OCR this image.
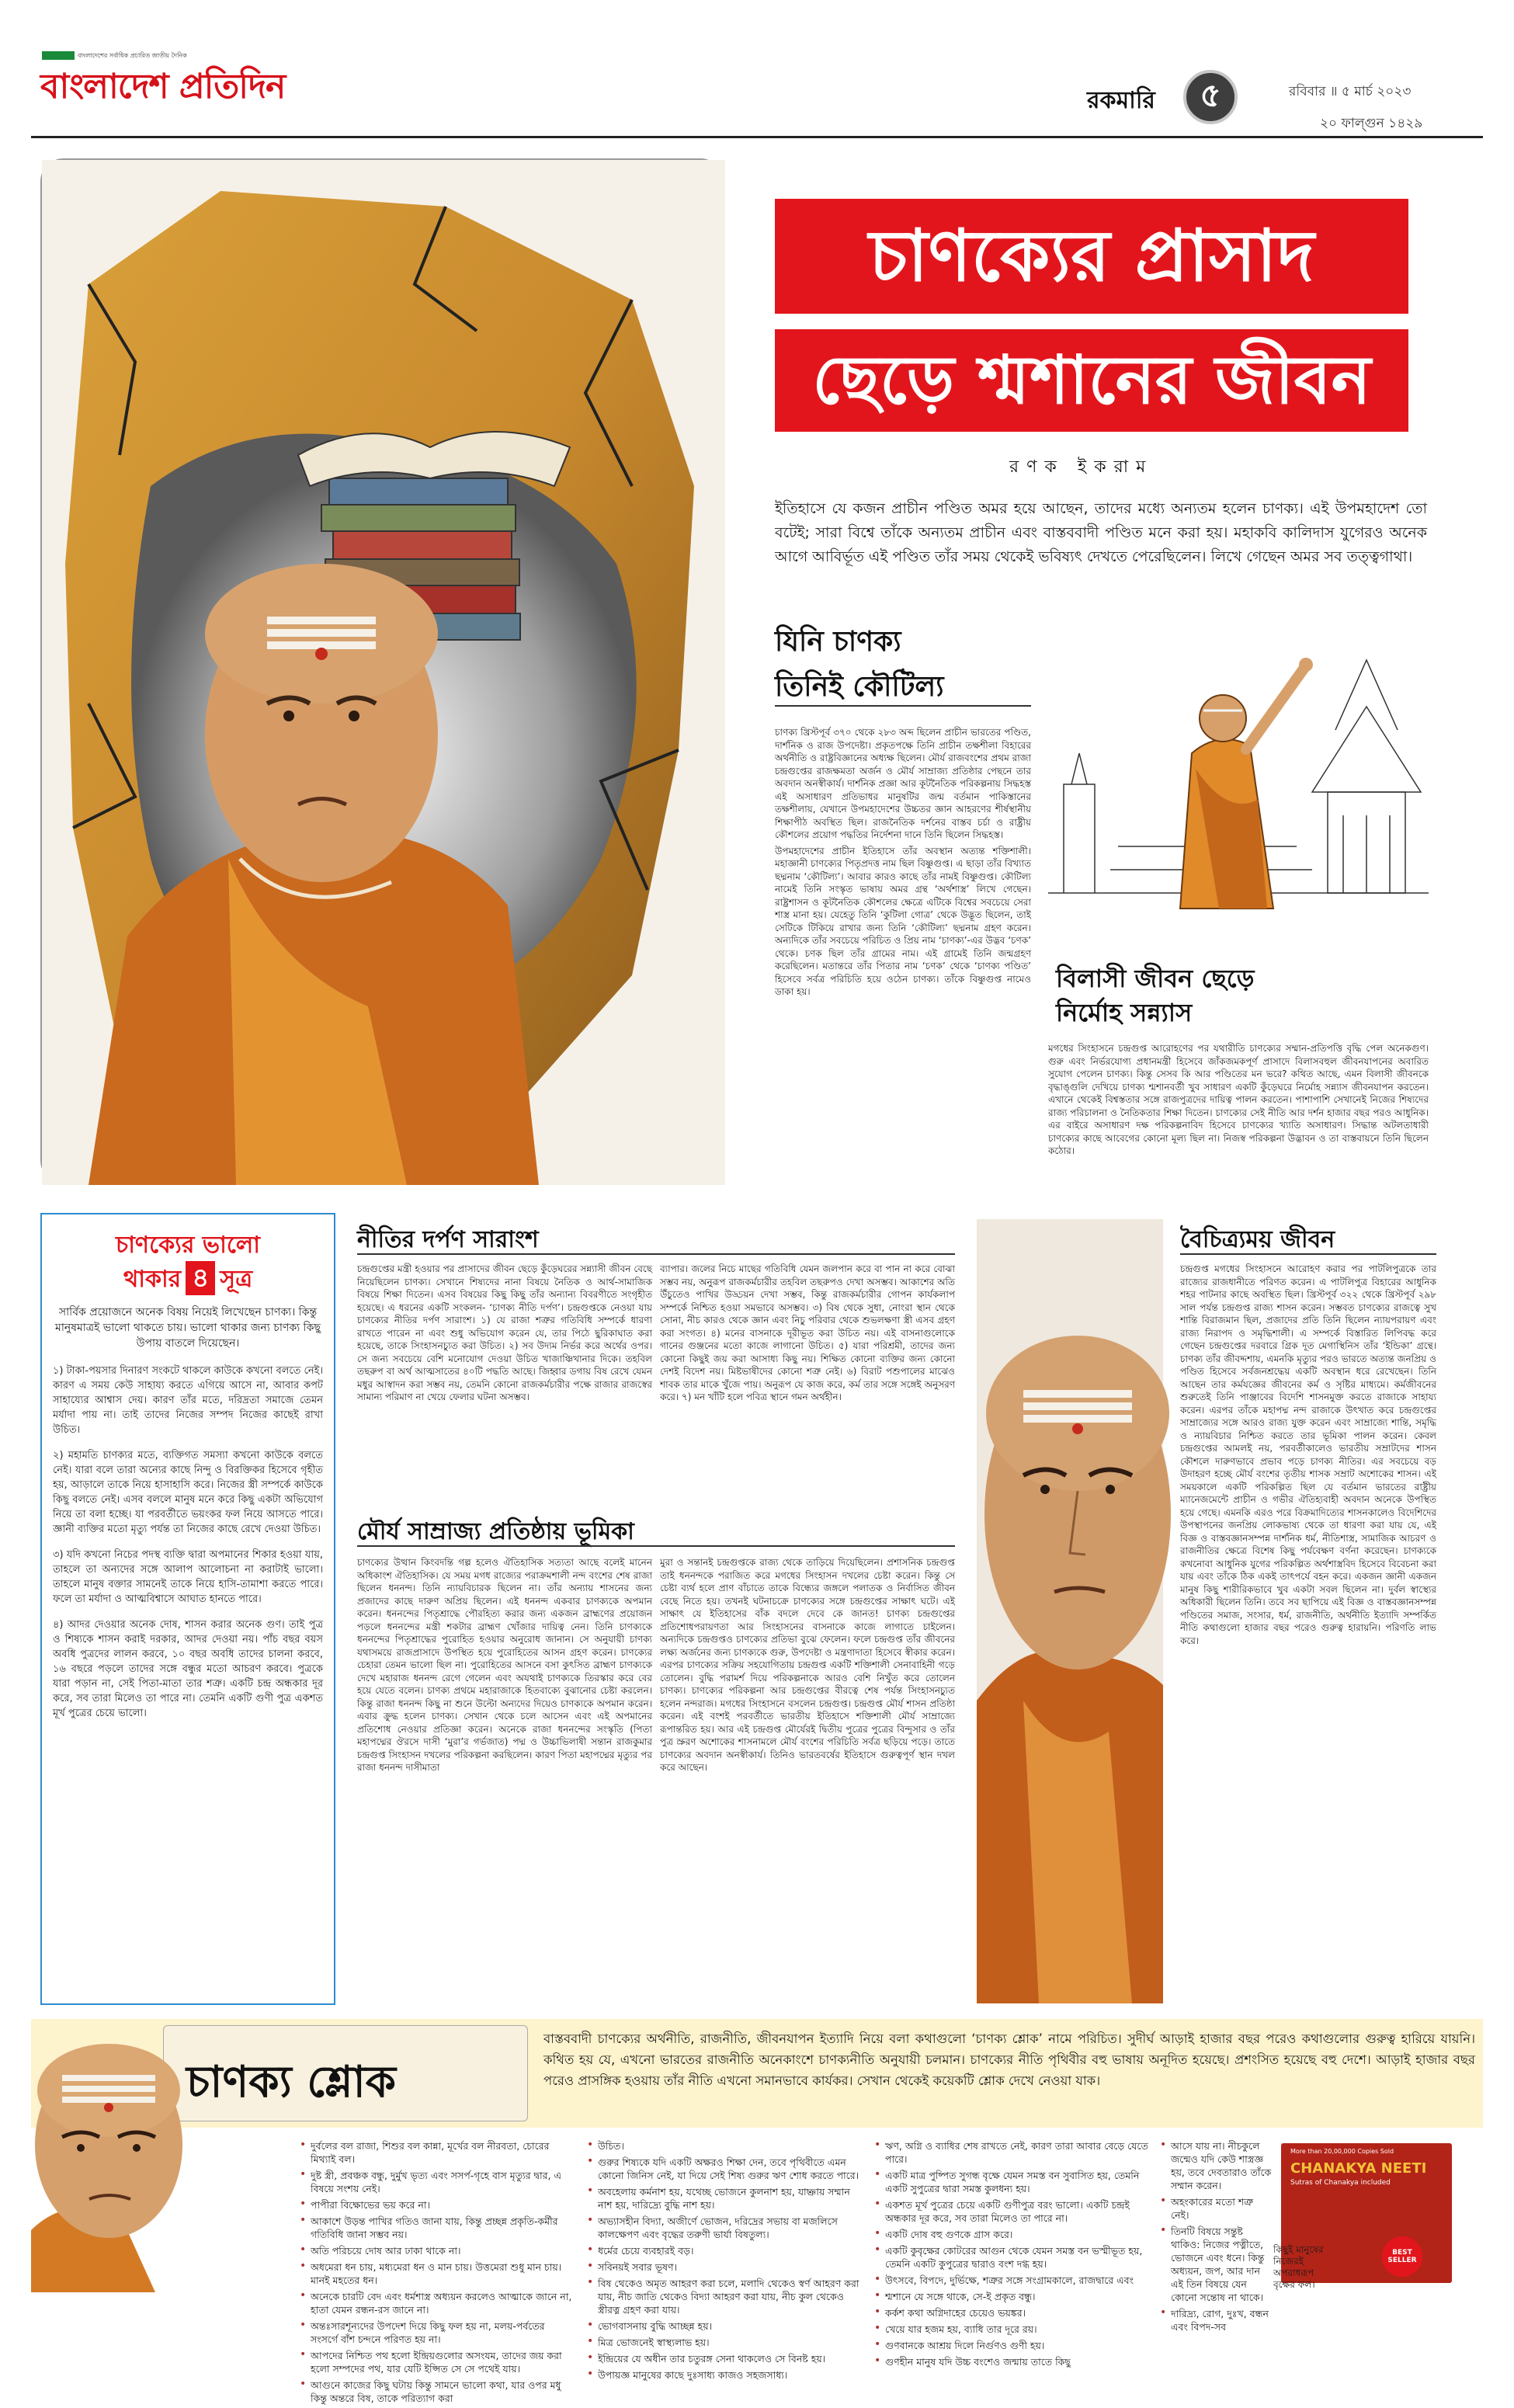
বাংলাদেশের সর্বাধিক প্রচারিত জাতীয় দৈনিক
বাংলাদেশ প্রতিদিন	রকমারি	৫	রবিবার ॥ ৫ মার্চ ২০২৩
২০ ফাল্গুন ১৪২৯
চাণক্যের প্রাসাদ
ছেড়ে শ্মশানের জীবন
রণক ইকরাম
ইতিহাসে যে কজন প্রাচীন পণ্ডিত অমর হয়ে আছেন, তাদের মধ্যে অন্যতম হলেন চাণক্য। এই উপমহাদেশ তো বটেই; সারা বিশ্বে তাঁকে অন্যতম প্রাচীন এবং বাস্তববাদী পণ্ডিত মনে করা হয়। মহাকবি কালিদাস যুগেরও অনেক আগে আবির্ভূত এই পণ্ডিত তাঁর সময় থেকেই ভবিষ্যৎ দেখতে পেরেছিলেন। লিখে গেছেন অমর সব তত্ত্বগাথা।
যিনি চাণক্য
তিনিই কৌটিল্য

চাণক্য খ্রিস্টপূর্ব ৩৭০ থেকে ২৮৩ অব্দ ছিলেন প্রাচীন ভারতের পণ্ডিত, দার্শনিক ও রাজ উপদেষ্টা। প্রকৃতপক্ষে তিনি প্রাচীন তক্ষশীলা বিহারের অর্থনীতি ও রাষ্ট্রবিজ্ঞানের অধ্যক্ষ ছিলেন। মৌর্য রাজবংশের প্রথম রাজা চন্দ্রগুপ্তের রাজক্ষমতা অর্জন ও মৌর্য সাম্রাজ্য প্রতিষ্ঠার পেছনে তার অবদান অনস্বীকার্য। দার্শনিক প্রজ্ঞা আর কূটনৈতিক পরিকল্পনায় সিদ্ধহস্ত এই অসাধারণ প্রতিভাধর মানুষটির জন্ম বর্তমান পাকিস্তানের তক্ষশীলায়, যেখানে উপমহাদেশের উচ্চতর জ্ঞান আহরণের শীর্ষস্থানীয় শিক্ষাপীঠ অবস্থিত ছিল। রাজনৈতিক দর্শনের বাস্তব চর্চা ও রাষ্ট্রীয় কৌশলের প্রয়োগ পদ্ধতির নির্দেশনা দানে তিনি ছিলেন সিদ্ধহস্ত।

উপমহাদেশের প্রাচীন ইতিহাসে তাঁর অবস্থান অত্যন্ত শক্তিশালী। মহাজ্ঞানী চাণক্যের পিতৃপ্রদত্ত নাম ছিল বিষ্ণুগুপ্ত। এ ছাড়া তাঁর বিখ্যাত ছদ্মনাম ‘কৌটিল্য’। আবার কারও কাছে তাঁর নামই বিষ্ণুগুপ্ত। কৌটিল্য নামেই তিনি সংস্কৃত ভাষায় অমর গ্রন্থ ‘অর্থশাস্ত্র’ লিখে গেছেন। রাষ্ট্রশাসন ও কূটনৈতিক কৌশলের ক্ষেত্রে এটিকে বিশ্বের সবচেয়ে সেরা শাস্ত্র মানা হয়। যেহেতু তিনি ‘কুটিলা গোত্র’ থেকে উদ্ভূত ছিলেন, তাই সেটিকে টিকিয়ে রাখার জন্য তিনি ‘কৌটিল্য’ ছদ্মনাম গ্রহণ করেন। অন্যদিকে তাঁর সবচেয়ে পরিচিত ও প্রিয় নাম ‘চাণক্য’-এর উদ্ভব ‘চণক’ থেকে। চণক ছিল তাঁর গ্রামের নাম। এই গ্রামেই তিনি জন্মগ্রহণ করেছিলেন। মতান্তরে তাঁর পিতার নাম ‘চণক’ থেকে ‘চাণক্য পণ্ডিত’ হিসেবে সর্বত্র পরিচিতি হয়ে ওঠেন চাণক্য। তাঁকে বিষ্ণুগুপ্ত নামেও ডাকা হয়।	বিলাসী জীবন ছেড়ে
নির্মোহ সন্ন্যাস

মগধের সিংহাসনে চন্দ্রগুপ্ত আরোহণের পর যথারীতি চাণক্যের সম্মান-প্রতিপত্তি বৃদ্ধি পেল অনেকগুণ। গুরু এবং নির্ভরযোগ্য প্রধানমন্ত্রী হিসেবে জাঁকজমকপূর্ণ প্রাসাদে বিলাসবহুল জীবনযাপনের অবারিত সুযোগ পেলেন চাণক্য। কিন্তু সেসব কি আর পণ্ডিতের মন ভরে? কথিত আছে, এমন বিলাসী জীবনকে বৃদ্ধাঙ্গুলি দেখিয়ে চাণক্য শ্মশানবর্তী খুব সাধারণ একটি কুঁড়েঘরে নির্মোহ সন্ন্যাস জীবনযাপন করতেন। এখানে থেকেই বিশ্বস্ততার সঙ্গে রাজপুত্রদের দায়িত্ব পালন করতেন। পাশাপাশি সেখানেই নিজের শিষ্যদের রাজ্য পরিচালনা ও নৈতিকতার শিক্ষা দিতেন। চাণক্যের সেই নীতি আর দর্শন হাজার বছর পরও আধুনিক। এর বাইরে অসাধারণ দক্ষ পরিকল্পনাবিদ হিসেবে চাণক্যের খ্যাতি অসাধারণ। সিদ্ধান্ত অটলতাধারী চাণক্যের কাছে আবেগের কোনো মূল্য ছিল না। নিজস্ব পরিকল্পনা উদ্ভাবন ও তা বাস্তবায়নে তিনি ছিলেন কঠোর।

চাণক্যের ভালো
থাকার ৪ সূত্র
সার্বিক প্রয়োজনে অনেক বিষয় নিয়েই লিখেছেন চাণক্য। কিন্তু মানুষমাত্রই ভালো থাকতে চায়। ভালো থাকার জন্য চাণক্য কিছু উপায় বাতলে দিয়েছেন।

১) টাকা-পয়সার দিনারণ সংকটে থাকলে কাউকে কখনো বলতে নেই। কারণ এ সময় কেউ সাহায্য করতে এগিয়ে আসে না, আবার কপট সাহায্যের আশ্বাস দেয়। কারণ তাঁর মতে, দরিদ্রতা সমাজে তেমন মর্যাদা পায় না। তাই তাদের নিজের সম্পদ নিজের কাছেই রাখা উচিত।

২) মহামতি চাণক্যর মতে, ব্যক্তিগত সমস্যা কখনো কাউকে বলতে নেই। যারা বলে তারা অন্যের কাছে নিন্দু ও বিরক্তিকর হিসেবে গৃহীত হয়, আড়ালে তাকে নিয়ে হাসাহাসি করে। নিজের স্ত্রী সম্পর্কে কাউকে কিছু বলতে নেই। এসব বললে মানুষ মনে করে কিছু একটা অভিযোগ নিয়ে তা বলা হচ্ছে। যা পরবর্তীতে ভয়ংকর ফল নিয়ে আসতে পারে। জ্ঞানী ব্যক্তির মতো মৃত্যু পর্যন্ত তা নিজের কাছে রেখে দেওয়া উচিত।

৩) যদি কখনো নিচের পদস্থ ব্যক্তি দ্বারা অপমানের শিকার হওয়া যায়, তাহলে তা অন্যদের সঙ্গে আলাপ আলোচনা না করাটাই ভালো। তাহলে মানুষ বক্তার সামনেই তাকে নিয়ে হাসি-তামাশা করতে পারে। ফলে তা মর্যাদা ও আত্মবিশ্বাসে আঘাত হানতে পারে।

৪) আদর দেওয়ার অনেক দোষ, শাসন করার অনেক গুণ। তাই পুত্র ও শিষ্যকে শাসন করাই দরকার, আদর দেওয়া নয়। পাঁচ বছর বয়স অবধি পুত্রদের লালন করবে, ১০ বছর অবধি তাদের চালনা করবে, ১৬ বছরে পড়লে তাদের সঙ্গে বন্ধুর মতো আচরণ করবে। পুত্রকে যারা পড়ান না, সেই পিতা-মাতা তার শত্রু। একটি চন্দ্র অন্ধকার দূর করে, সব তারা মিলেও তা পারে না। তেমনি একটি গুণী পুত্র একশত মূর্খ পুত্রের চেয়ে ভালো।

নীতির দর্পণ সারাংশ
চন্দ্রগুপ্তের মন্ত্রী হওয়ার পর প্রাসাদের জীবন ছেড়ে কুঁড়েঘরের সন্ন্যাসী জীবন বেছে নিয়েছিলেন চাণক্য। সেখানে শিষ্যদের নানা বিষয়ে নৈতিক ও আর্থ-সামাজিক বিষয়ে শিক্ষা দিতেন। এসব বিষয়ের কিছু কিছু তাঁর অন্যান্য বিবরণীতে সংগৃহীত হয়েছে। এ ধরনের একটি সংকলন- ‘চাণক্য নীতি দর্পণ’। চন্দ্রগুপ্তকে নেওয়া যায় চাণক্যের নীতির দর্পণ সারাংশ। ১) যে রাজা শত্রুর গতিবিধি সম্পর্কে ধারণা রাখতে পারেন না এবং শুধু অভিযোগ করেন যে, তার পিঠে ছুরিকাঘাত করা হয়েছে, তাকে সিংহাসনচ্যুত করা উচিত। ২) সব উদ্যম নির্ভর করে অর্থের ওপর। সে জন্য সবচেয়ে বেশি মনোযোগ দেওয়া উচিত খাজাঞ্চিখানার দিকে। তহবিল তছরুপ বা অর্থ আত্মসাতের ৪০টি পদ্ধতি আছে। জিহ্বার ডগায় বিষ রেখে যেমন মধুর আস্বাদন করা সম্ভব নয়, তেমনি কোনো রাজকর্মচারীর পক্ষে রাজার রাজস্বের সামান্য পরিমাণ না খেয়ে ফেলার ঘটনা অসম্ভব।
ব্যাপার। জলের নিচে মাছের গতিবিধি যেমন জলপান করে বা পান না করে বোঝা সম্ভব নয়, অনুরূপ রাজকর্মচারীর তহবিল তছরুপও দেখা অসম্ভব। আকাশের অতি উঁচুতেও পাখির উড্ডয়ন দেখা সম্ভব, কিন্তু রাজকর্মচারীর গোপন কার্যকলাপ সম্পর্কে নিশ্চিত হওয়া সমভাবে অসম্ভব। ৩) বিষ থেকে সুধা, নোংরা স্থান থেকে সোনা, নীচ কারও থেকে জ্ঞান এবং নিচু পরিবার থেকে শুভলক্ষণা স্ত্রী এসব গ্রহণ করা সংগত। ৪) মনের বাসনাকে দূরীভূত করা উচিত নয়। এই বাসনাগুলোকে গানের গুঞ্জনের মতো কাজে লাগানো উচিত। ৫) যারা পরিশ্রমী, তাদের জন্য কোনো কিছুই জয় করা আসাধ্য কিছু নয়। শিক্ষিত কোনো ব্যক্তির জন্য কোনো দেশই বিদেশ নয়। মিষ্টভাষীদের কোনো শত্রু নেই। ৬) বিরাট পশুপালের মাঝেও শাবক তার মাকে খুঁজে পায়। অনুরূপ যে কাজ করে, কর্ম তার সঙ্গে সঙ্গেই অনুসরণ করে। ৭) মন খাঁটি হলে পবিত্র স্থানে গমন অর্থহীন।
মৌর্য সাম্রাজ্য প্রতিষ্ঠায় ভূমিকা
চাণক্যের উত্থান কিংবদন্তি গল্প হলেও ঐতিহাসিক সত্যতা আছে বলেই মানেন অধিকাংশ ঐতিহাসিক। যে সময় মগধ রাজ্যের পরাক্রমশালী নন্দ বংশের শেষ রাজা ছিলেন ধননন্দ। তিনি ন্যায়বিচারক ছিলেন না। তাঁর অন্যায় শাসনের জন্য প্রজাদের কাছে দারুণ অপ্রিয় ছিলেন। এই ধননন্দ একবার চাণক্যকে অপমান করেন। ধননন্দের পিতৃশ্রাদ্ধে পৌরহিত্য করার জন্য একজন ব্রাহ্মণের প্রয়োজন পড়লে ধননন্দের মন্ত্রী শকটার ব্রাহ্মণ খোঁজার দায়িত্ব নেন। তিনি চাণক্যকে ধননন্দের পিতৃশ্রাদ্ধের পুরোহিত হওয়ার অনুরোধ জানান। সে অনুযায়ী চাণক্য যথাসময়ে রাজপ্রাসাদে উপস্থিত হয়ে পুরোহিতের আসন গ্রহণ করেন। চাণক্যের চেহারা তেমন ভালো ছিল না। পুরোহিতের আসনে বসা কুৎসিত ব্রাহ্মণ চাণক্যকে দেখে মহারাজ ধননন্দ রেগে গেলেন এবং অযথাই চাণক্যকে তিরস্কার করে বের হয়ে যেতে বলেন। চাণক্য প্রথমে মহারাজাকে হিতবাক্যে বুঝানোর চেষ্টা করলেন। কিন্তু রাজা ধননন্দ কিছু না শুনে উল্টো অন্যদের দিয়েও চাণক্যকে অপমান করেন। এবার ক্রুদ্ধ হলেন চাণক্য। সেখান থেকে চলে আসেন এবং এই অপমানের প্রতিশোধ নেওয়ার প্রতিজ্ঞা করেন। অনেকে রাজা ধননন্দের সংস্কৃতি (পিতা মহাপদ্মের ঔরসে দাসী ‘মুরা’র গর্ভজাত) পদ্ম ও উচ্চাভিলাষী সন্তান রাজকুমার চন্দ্রগুপ্ত সিংহাসন দখলের পরিকল্পনা করছিলেন। কারণ পিতা মহাপদ্মের মৃত্যুর পর রাজা ধননন্দ দাসীমাতা
মুরা ও সন্তানই চন্দ্রগুপ্তকে রাজ্য থেকে তাড়িয়ে দিয়েছিলেন। প্রশাসনিক চন্দ্রগুপ্ত তাই ধননন্দকে পরাজিত করে মগধের সিংহাসন দখলের চেষ্টা করেন। কিন্তু সে চেষ্টা ব্যর্থ হলে প্রাণ বাঁচাতে তাকে বিন্ধ্যের জঙ্গলে পলাতক ও নির্বাসিত জীবন বেছে নিতে হয়। তখনই ঘটনাচক্রে চাণক্যের সঙ্গে চন্দ্রগুপ্তের সাক্ষাৎ ঘটে। এই সাক্ষাৎ যে ইতিহাসের বাঁক বদলে দেবে কে জানত! চাণক্য চন্দ্রগুপ্তের প্রতিশোধপরায়ণতা আর সিংহাসনের বাসনাকে কাজে লাগাতে চাইলেন। অন্যদিকে চন্দ্রগুপ্তও চাণক্যের প্রতিভা বুঝে ফেলেন। ফলে চন্দ্রগুপ্ত তাঁর জীবনের লক্ষ্য অর্জনের জন্য চাণক্যকে গুরু, উপদেষ্টা ও মন্ত্রণাদাতা হিসেবে স্বীকার করেন। এরপর চাণক্যের সক্রিয় সহযোগিতায় চন্দ্রগুপ্ত একটি শক্তিশালী সেনাবাহিনী গড়ে তোলেন। বুদ্ধি পরামর্শ দিয়ে পরিকল্পনাকে আরও বেশি নিখুঁত করে তোলেন চাণক্য। চাণক্যের পরিকল্পনা আর চন্দ্রগুপ্তের বীরত্বে শেষ পর্যন্ত সিংহাসনচ্যুত হলেন নন্দরাজ। মগধের সিংহাসনে বসলেন চন্দ্রগুপ্ত। চন্দ্রগুপ্ত মৌর্য শাসন প্রতিষ্ঠা করেন। এই বংশই পরবর্তীতে ভারতীয় ইতিহাসে শক্তিশালী মৌর্য সাম্রাজ্যে রূপান্তরিত হয়। আর এই চন্দ্রগুপ্ত মৌর্যেরই দ্বিতীয় পুত্রের পুত্রের বিন্দুসার ও তাঁর পুত্র স্রুরণ অশোকের শাসনামলে মৌর্য বংশের পরিচিতি সর্বত্র ছড়িয়ে পড়ে। তাতে চাণক্যের অবদান অনস্বীকার্য। তিনিও ভারতবর্ষের ইতিহাসে গুরুত্বপূর্ণ স্থান দখল করে আছেন।
বৈচিত্র্যময় জীবন
চন্দ্রগুপ্ত মগধের সিংহাসনে আরোহণ করার পর পাটলিপুত্রকে তার রাজ্যের রাজধানীতে পরিণত করেন। এ পাটলিপুত্র বিহারের আধুনিক শহর পাটনার কাছে অবস্থিত ছিল। খ্রিস্টপূর্ব ৩২২ থেকে খ্রিস্টপূর্ব ২৯৮ সাল পর্যন্ত চন্দ্রগুপ্ত রাজ্য শাসন করেন। সম্ভবত চাণক্যের রাজত্বে সুখ শান্তি বিরাজমান ছিল, প্রজাদের প্রতি তিনি ছিলেন ন্যায়পরায়ণ এবং রাজ্য নিরাপদ ও সমৃদ্ধিশালী। এ সম্পর্কে বিস্তারিত লিপিবদ্ধ করে গেছেন চন্দ্রগুপ্তের দরবারে গ্রিক দূত মেগাস্থিনিস তাঁর ‘ইন্ডিকা’ গ্রন্থে। চাণক্য তাঁর জীবদ্দশায়, এমনকি মৃত্যুর পরও ভারতে অত্যন্ত জনপ্রিয় ও পণ্ডিত হিসেবে সর্বজনশ্রদ্ধেয় একটি অবস্থান ধরে রেখেছেন। তিনি আছেন তার কর্মযজ্ঞের জীবনের কর্ম ও সৃষ্টির মাধ্যমে। কর্মজীবনের শুরুতেই তিনি পাঞ্জাবের বিদেশি শাসনমুক্ত করতে রাজাকে সাহায্য করেন। এরপর তাঁকে মহাপদ্ম নন্দ রাজাকে উৎখাত করে চন্দ্রগুপ্তের সাম্রাজ্যের সঙ্গে আরও রাজ্য যুক্ত করেন এবং সাম্রাজ্যে শান্তি, সমৃদ্ধি ও ন্যায়বিচার নিশ্চিত করতে তার ভূমিকা পালন করেন। কেবল চন্দ্রগুপ্তের আমলই নয়, পরবর্তীকালেও ভারতীয় সম্রাটদের শাসন কৌশলে দারুণভাবে প্রভাব পড়ে চাণক্য নীতির। এর সবচেয়ে বড় উদাহরণ হচ্ছে মৌর্য বংশের তৃতীয় শাসক সম্রাট অশোকের শাসন। এই সময়কালে একটি পরিকল্পিত ছিল যে বর্তমান ভারতের রাষ্ট্রীয় ম্যানেজমেন্টে প্রাচীন ও গভীর ঐতিহ্যবাহী অবদান অনেকে উপস্থিত হয়ে গেছে। এমনকি এরও পরে বিক্রমাদিত্যের শাসনকালেও বিদেশিদের উপস্থাপনের জনপ্রিয় লোকভাষ্য থেকে তা ধারণা করা যায় যে, এই বিজ্ঞ ও বাস্তবজ্ঞানসম্পন্ন দার্শনিক ধর্ম, নীতিশাস্ত্র, সামাজিক আচরণ ও রাজনীতির ক্ষেত্রে বিশেষ কিছু পর্যবেক্ষণ বর্ণনা করেছেন। চাণক্যকে কখনোবা আধুনিক যুগের পরিকল্পিত অর্থশাস্ত্রবিদ হিসেবে বিবেচনা করা যায় এবং তাঁকে ঠিক একই তাৎপর্যে বহন করে। একজন জ্ঞানী একজন মানুষ কিছু শারীরিকভাবে খুব একটা সবল ছিলেন না। দুর্বল স্বাস্থ্যের অধিকারী ছিলেন তিনি। তবে সব ছাপিয়ে এই বিজ্ঞ ও বাস্তবজ্ঞানসম্পন্ন পণ্ডিতের সমাজ, সংসার, ধর্ম, রাজনীতি, অর্থনীতি ইত্যাদি সম্পর্কিত নীতি কথাগুলো হাজার বছর পরেও গুরুত্ব হারায়নি। পরিণতি লাভ করে।
চাণক্য শ্লোক
বাস্তববাদী চাণক্যের অর্থনীতি, রাজনীতি, জীবনযাপন ইত্যাদি নিয়ে বলা কথাগুলো ‘চাণক্য শ্লোক’ নামে পরিচিত। সুদীর্ঘ আড়াই হাজার বছর পরেও কথাগুলোর গুরুত্ব হারিয়ে যায়নি। কথিত হয় যে, এখনো ভারতের রাজনীতি অনেকাংশে চাণক্যনীতি অনুযায়ী চলমান। চাণক্যের নীতি পৃথিবীর বহু ভাষায় অনূদিত হয়েছে। প্রশংসিত হয়েছে বহু দেশে। আড়াই হাজার বছর পরেও প্রাসঙ্গিক হওয়ায় তাঁর নীতি এখনো সমানভাবে কার্যকর। সেখান থেকেই কয়েকটি শ্লোক দেখে নেওয়া যাক।
• দুর্বলের বল রাজা, শিশুর বল কান্না, মূর্খের বল নীরবতা, চোরের মিথ্যাই বল।
• দুষ্ট স্ত্রী, প্রবঞ্চক বন্ধু, দুর্মুখ ভৃত্য এবং সসর্প-গৃহে বাস মৃত্যুর দ্বার, এ বিষয়ে সংশয় নেই।
• পাপীরা বিক্ষোভের ভয় করে না।
• আকাশে উড়ন্ত পাখির গতিও জানা যায়, কিন্তু প্রচ্ছন্ন প্রকৃতি-কর্মীর গতিবিধি জানা সম্ভব নয়।
• অতি পরিচয়ে দোষ আর ঢাকা থাকে না।
• অধমেরা ধন চায়, মধ্যমেরা ধন ও মান চায়। উত্তমেরা শুধু মান চায়। মানই মহতের ধন।
• অনেকে চারটি বেদ এবং ধর্মশাস্ত্র অধ্যয়ন করলেও আত্মাকে জানে না, হাতা যেমন রন্ধন-রস জানে না।
• অন্তঃসারশূন্যদের উপদেশ দিয়ে কিছু ফল হয় না, মলয়-পর্বতের সংসর্গে বাঁশ চন্দনে পরিণত হয় না।
• আপদের নিশ্চিত পথ হলো ইন্দ্রিয়গুলোর অসংযম, তাদের জয় করা হলো সম্পদের পথ, যার যেটি ইপ্সিত সে সে পথেই যায়।
• আগুনে কাজের কিছু ঘটায় কিন্তু সামনে ভালো কথা, যার ওপর মধু কিন্তু অন্তরে বিষ, তাকে পরিত্যাগ করা
• উচিত।
• গুরুর শিষ্যকে যদি একটি অক্ষরও শিক্ষা দেন, তবে পৃথিবীতে এমন কোনো জিনিস নেই, যা দিয়ে সেই শিষ্য গুরুর ঋণ শোধ করতে পারে।
• অবহেলায় কর্মনাশ হয়, যথেচ্ছ ভোজনে কুলনাশ হয়, যাচ্ঞায় সম্মান নাশ হয়, দারিদ্র্যে বুদ্ধি নাশ হয়।
• অভ্যাসহীন বিদ্যা, অজীর্ণে ভোজন, দরিদ্রের সভায় বা মজলিসে কালক্ষেপণ এবং বৃদ্ধের তরুণী ভার্যা বিষতুল্য।
• ধর্মের চেয়ে ব্যবহারই বড়।
• সবিনয়ই সবার ভূষণ।
• বিষ থেকেও অমৃত আহরণ করা চলে, মলাদি থেকেও স্বর্ণ আহরণ করা যায়, নীচ জাতি থেকেও বিদ্যা আহরণ করা যায়, নীচ কুল থেকেও স্ত্রীরত্ন গ্রহণ করা যায়।
• ভোগবাসনায় বুদ্ধি আচ্ছন্ন হয়।
• মিত্র ভোজনেই স্বাস্থ্যলাভ হয়।
• ইন্দ্রিয়ের যে অধীন তার চতুরঙ্গ সেনা থাকলেও সে বিনষ্ট হয়।
• উপায়জ্ঞ মানুষের কাছে দুঃসাধ্য কাজও সহজসাধ্য।
• ঋণ, অগ্নি ও ব্যাধির শেষ রাখতে নেই, কারণ তারা আবার বেড়ে যেতে পারে।
• একটি মাত্র পুষ্পিত সুগন্ধ বৃক্ষে যেমন সমস্ত বন সুবাসিত হয়, তেমনি একটি সুপুত্রের দ্বারা সমস্ত কুলধন্য হয়।
• একশত মূর্খ পুত্রের চেয়ে একটি গুণীপুত্র বরং ভালো। একটি চন্দ্রই অন্ধকার দূর করে, সব তারা মিলেও তা পারে না।
• একটি দোষ বহু গুণকে গ্রাস করে।
• একটি কুবৃক্ষের কোটরের আগুন থেকে যেমন সমস্ত বন ভস্মীভূত হয়, তেমনি একটি কুপুত্রের দ্বারাও বংশ দগ্ধ হয়।
• উৎসবে, বিপদে, দুর্ভিক্ষে, শত্রুর সঙ্গে সংগ্রামকালে, রাজদ্বারে এবং
• শ্মশানে যে সঙ্গে থাকে, সে-ই প্রকৃত বন্ধু।
• কর্কশ কথা অগ্নিদাহের চেয়েও ভয়ঙ্কর।
• খেয়ে যার হজম হয়, ব্যাধি তার দূরে রয়।
• গুণবানকে আশ্রয় দিলে নির্গুণও গুণী হয়।
• গুণহীন মানুষ যদি উচ্চ বংশেও জন্মায় তাতে কিছু
• আসে যায় না। নীচকুলে জন্মেও যদি কেউ শাস্ত্রজ্ঞ হয়, তবে দেবতারাও তাঁকে সম্মান করেন।
• অহংকারের মতো শত্রু নেই।
• তিনটি বিষয়ে সন্তুষ্ট থাকিও: নিজের পত্নীতে, ভোজনে এবং ধনে। কিন্তু অধ্যয়ন, জপ, আর দান এই তিন বিষয়ে যেন কোনো সন্তোষ না থাকে।
• দারিদ্র্য, রোগ, দুঃখ, বন্ধন এবং বিপদ-সব
More than 20,00,000 Copies Sold
CHANAKYA NEETI
Sutras of Chanakya included
কিছুই মানুষের নিজেরই অপরাধরূপ বৃক্ষের ফল।
BEST SELLER
